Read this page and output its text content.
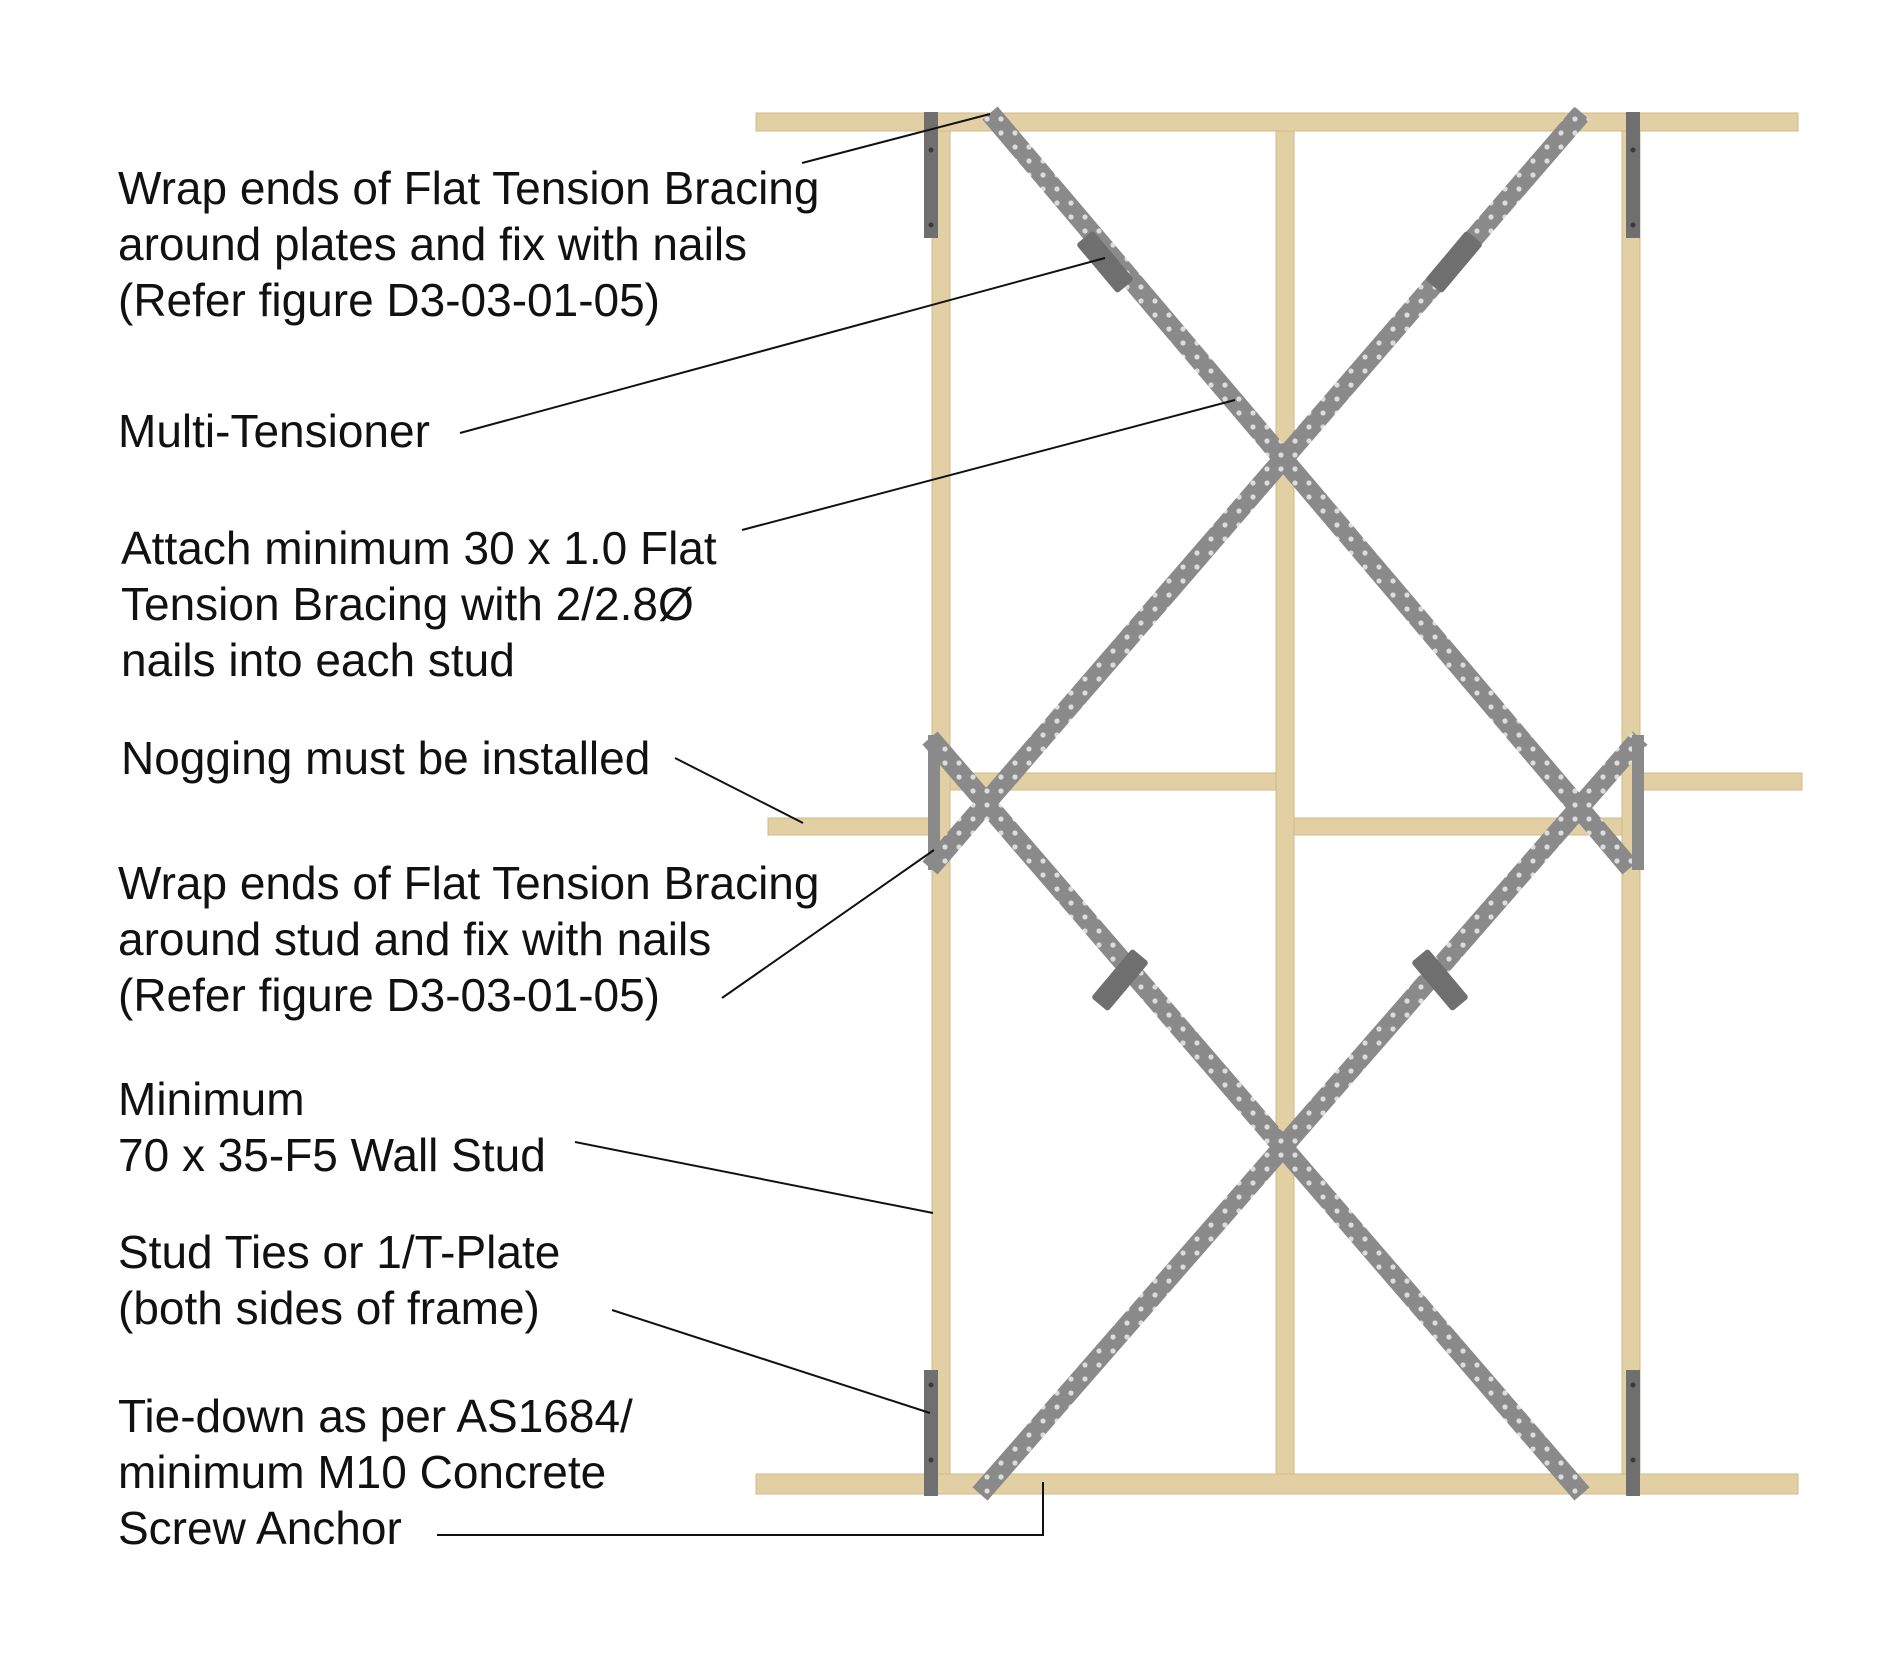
Wrap ends of Flat Tension Bracing
around plates and fix with nails
(Refer figure D3-03-01-05)

Multi-Tensioner

Attach minimum 30 x 1.0 Flat
Tension Bracing with 2/2.8Ø
nails into each stud

Nogging must be installed

Wrap ends of Flat Tension Bracing
around stud and fix with nails
(Refer figure D3-03-01-05)

Minimum
70 x 35-F5 Wall Stud

Stud Ties or 1/T-Plate
(both sides of frame)

Tie-down as per AS1684/
minimum M10 Concrete
Screw Anchor
